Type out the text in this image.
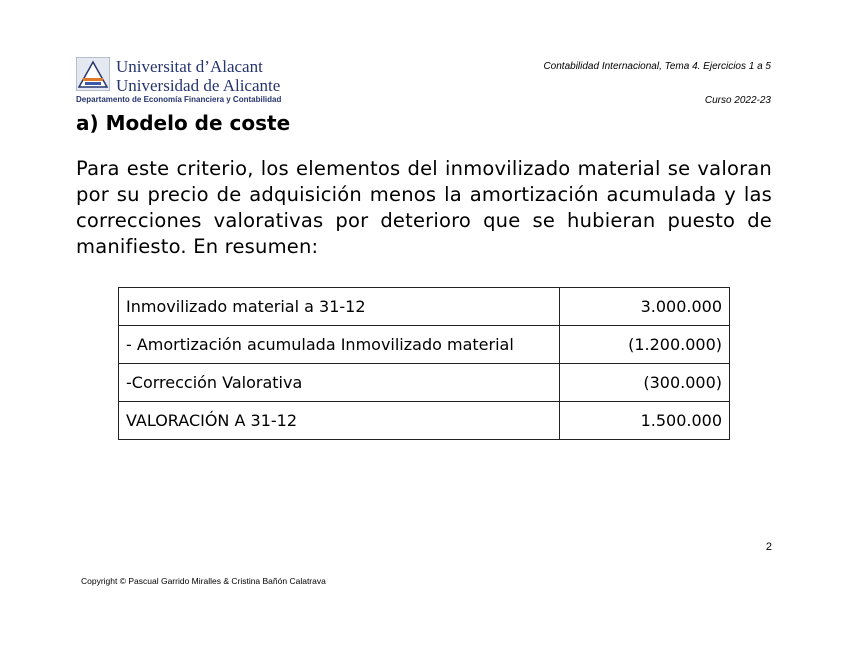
Universitat d’Alacant
Universidad de Alicante
Departamento de Economía Financiera y Contabilidad
Contabilidad Internacional, Tema 4. Ejercicios 1 a 5
Curso 2022-23
a) Modelo de coste
Para este criterio, los elementos del inmovilizado material se valoran por su precio de adquisición menos la amortización acumulada y las correcciones valorativas por deterioro que se hubieran puesto de manifiesto. En resumen:
Inmovilizado material a 31-12	3.000.000
- Amortización acumulada Inmovilizado material	(1.200.000)
-Corrección Valorativa	(300.000)
VALORACIÓN A 31-12	1.500.000
2
Copyright © Pascual Garrido Miralles & Cristina Bañón Calatrava
